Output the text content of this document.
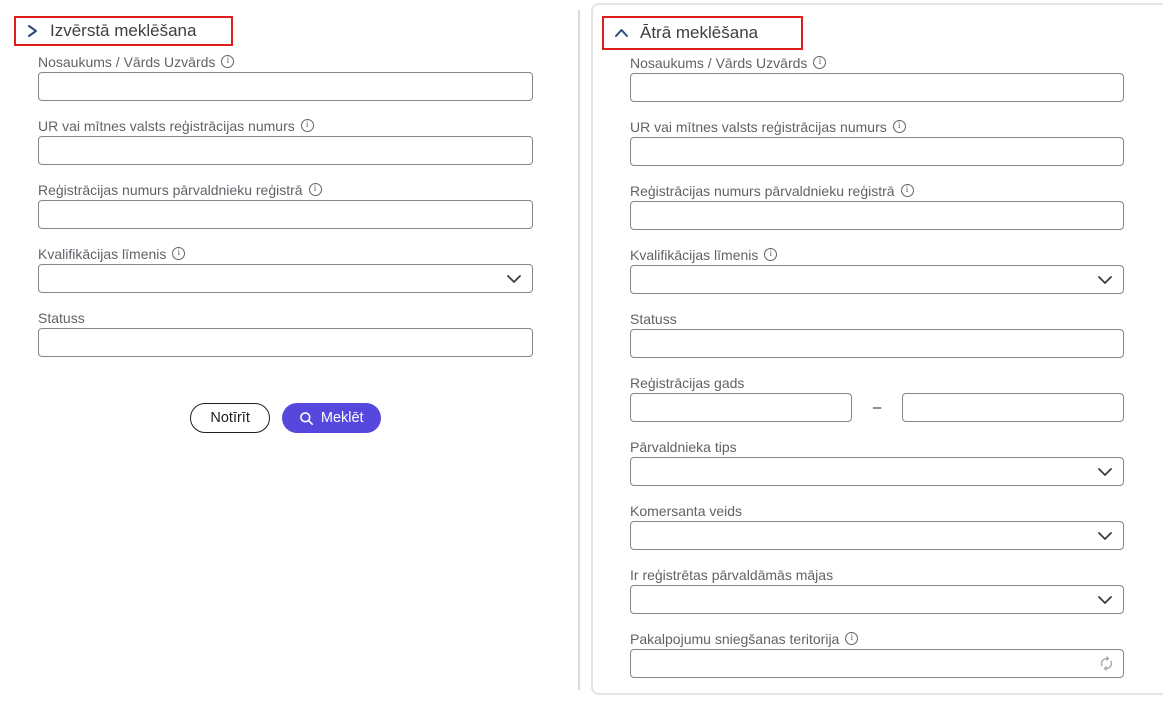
Izvērstā meklēšana
Nosaukums / Vārds Uzvārds
i
UR vai mītnes valsts reģistrācijas numurs
i
Reģistrācijas numurs pārvaldnieku reģistrā
i
Kvalifikācijas līmenis
i
Statuss
Notīrīt	Meklēt
Ātrā meklēšana
Nosaukums / Vārds Uzvārds
i
UR vai mītnes valsts reģistrācijas numurs
i
Reģistrācijas numurs pārvaldnieku reģistrā
i
Kvalifikācijas līmenis
i
Statuss
Reģistrācijas gads
–
Pārvaldnieka tips
Komersanta veids
Ir reģistrētas pārvaldāmās mājas
Pakalpojumu sniegšanas teritorija
i
